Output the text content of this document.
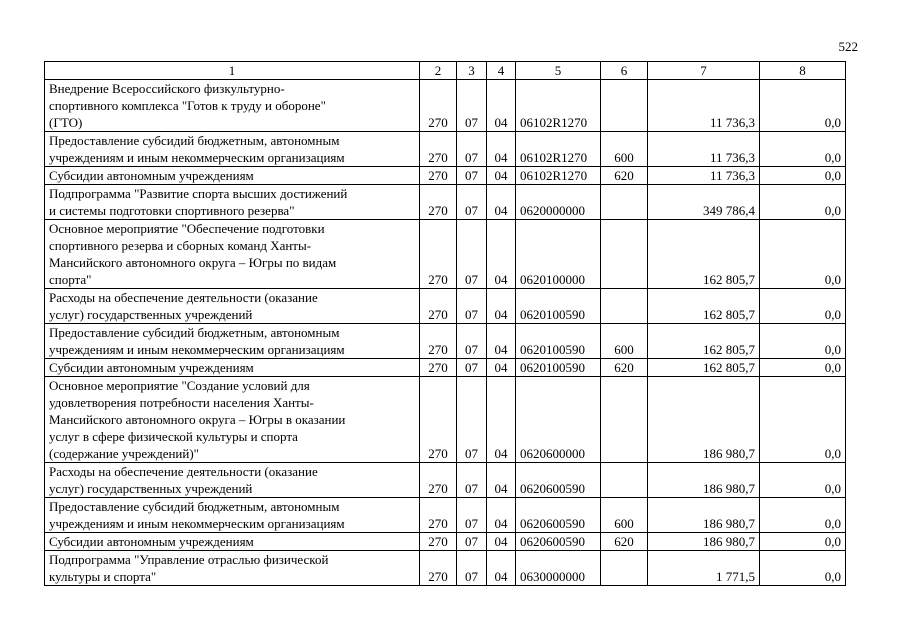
522
1	2	3	4	5	6	7	8

Внедрение Всероссийского физкультурно-
спортивного комплекса "Готов к труду и обороне"
(ГТО)	270	07	04	06102R1270		11 736,3	0,0

Предоставление субсидий бюджетным, автономным
учреждениям и иным некоммерческим организациям	270	07	04	06102R1270	600	11 736,3	0,0

Субсидии автономным учреждениям	270	07	04	06102R1270	620	11 736,3	0,0

Подпрограмма "Развитие спорта высших достижений
и системы подготовки спортивного резерва"	270	07	04	0620000000		349 786,4	0,0

Основное мероприятие "Обеспечение подготовки
спортивного резерва и сборных команд Ханты-
Мансийского автономного округа – Югры по видам
спорта"	270	07	04	0620100000		162 805,7	0,0

Расходы на обеспечение деятельности (оказание
услуг) государственных учреждений	270	07	04	0620100590		162 805,7	0,0

Предоставление субсидий бюджетным, автономным
учреждениям и иным некоммерческим организациям	270	07	04	0620100590	600	162 805,7	0,0

Субсидии автономным учреждениям	270	07	04	0620100590	620	162 805,7	0,0

Основное мероприятие "Создание условий для
удовлетворения потребности населения Ханты-
Мансийского автономного округа – Югры в оказании
услуг в сфере физической культуры и спорта
(содержание учреждений)"	270	07	04	0620600000		186 980,7	0,0

Расходы на обеспечение деятельности (оказание
услуг) государственных учреждений	270	07	04	0620600590		186 980,7	0,0

Предоставление субсидий бюджетным, автономным
учреждениям и иным некоммерческим организациям	270	07	04	0620600590	600	186 980,7	0,0

Субсидии автономным учреждениям	270	07	04	0620600590	620	186 980,7	0,0

Подпрограмма "Управление отраслью физической
культуры и спорта"	270	07	04	0630000000		1 771,5	0,0
